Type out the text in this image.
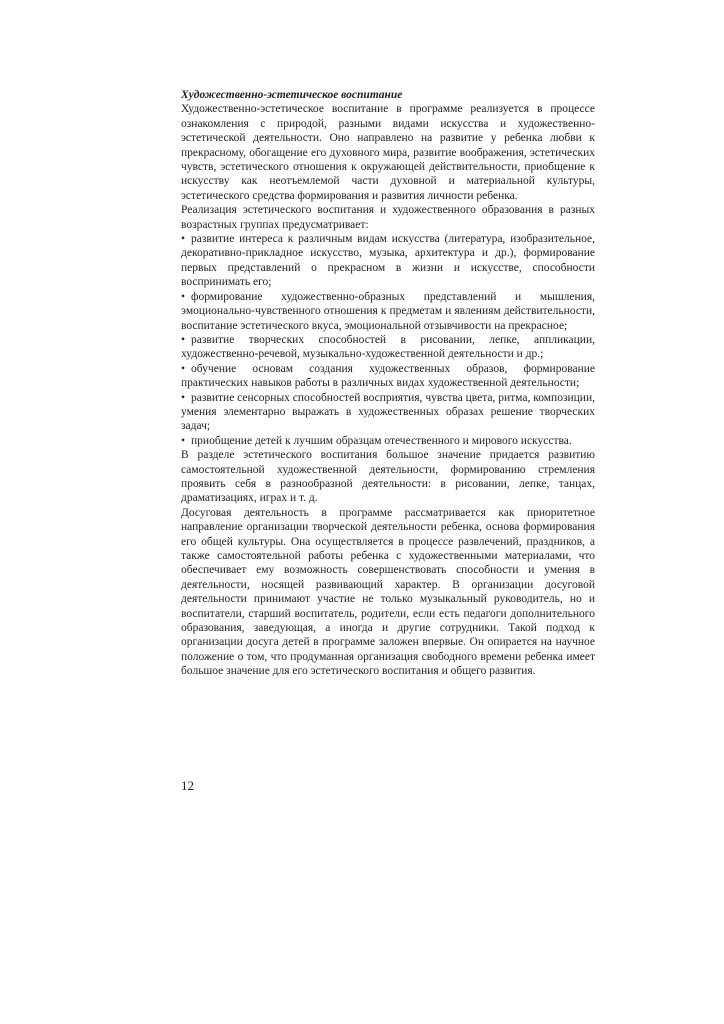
Художественно-эстетическое воспитание

Художественно-эстетическое воспитание в программе реализуется в процессе ознакомления с природой, разными видами искусства и художественно-эстетической деятельности. Оно направлено на развитие у ребенка любви к прекрасному, обогащение его духовного мира, развитие воображения, эстетических чувств, эстетического отношения к окружающей действительности, приобщение к искусству как неотъемлемой части духовной и материальной культуры, эстетического средства формирования и развития личности ребенка.

Реализация эстетического воспитания и художественного образования в разных возрастных группах предусматривает:

• развитие интереса к различным видам искусства (литература, изобразительное, декоративно-прикладное искусство, музыка, архитектура и др.), формирование первых представлений о прекрасном в жизни и искусстве, способности воспринимать его;
• формирование художественно-образных представлений и мышления, эмоционально-чувственного отношения к предметам и явлениям действительности, воспитание эстетического вкуса, эмоциональной отзывчивости на прекрасное;
• развитие творческих способностей в рисовании, лепке, аппликации, художественно-речевой, музыкально-художественной деятельности и др.;
• обучение основам создания художественных образов, формирование практических навыков работы в различных видах художественной деятельности;
• развитие сенсорных способностей восприятия, чувства цвета, ритма, композиции, умения элементарно выражать в художественных образах решение творческих задач;
• приобщение детей к лучшим образцам отечественного и мирового искусства.

В разделе эстетического воспитания большое значение придается развитию самостоятельной художественной деятельности, формированию стремления проявить себя в разнообразной деятельности: в рисовании, лепке, танцах, драматизациях, играх и т. д.

Досуговая деятельность в программе рассматривается как приоритетное направление организации творческой деятельности ребенка, основа формирования его общей культуры. Она осуществляется в процессе развлечений, праздников, а также самостоятельной работы ребенка с художественными материалами, что обеспечивает ему возможность совершенствовать способности и умения в деятельности, носящей развивающий характер. В организации досуговой деятельности принимают участие не только музыкальный руководитель, но и воспитатели, старший воспитатель, родители, если есть педагоги дополнительного образования, заведующая, а иногда и другие сотрудники. Такой подход к организации досуга детей в программе заложен впервые. Он опирается на научное положение о том, что продуманная организация свободного времени ребенка имеет большое значение для его эстетического воспитания и общего развития.

12
